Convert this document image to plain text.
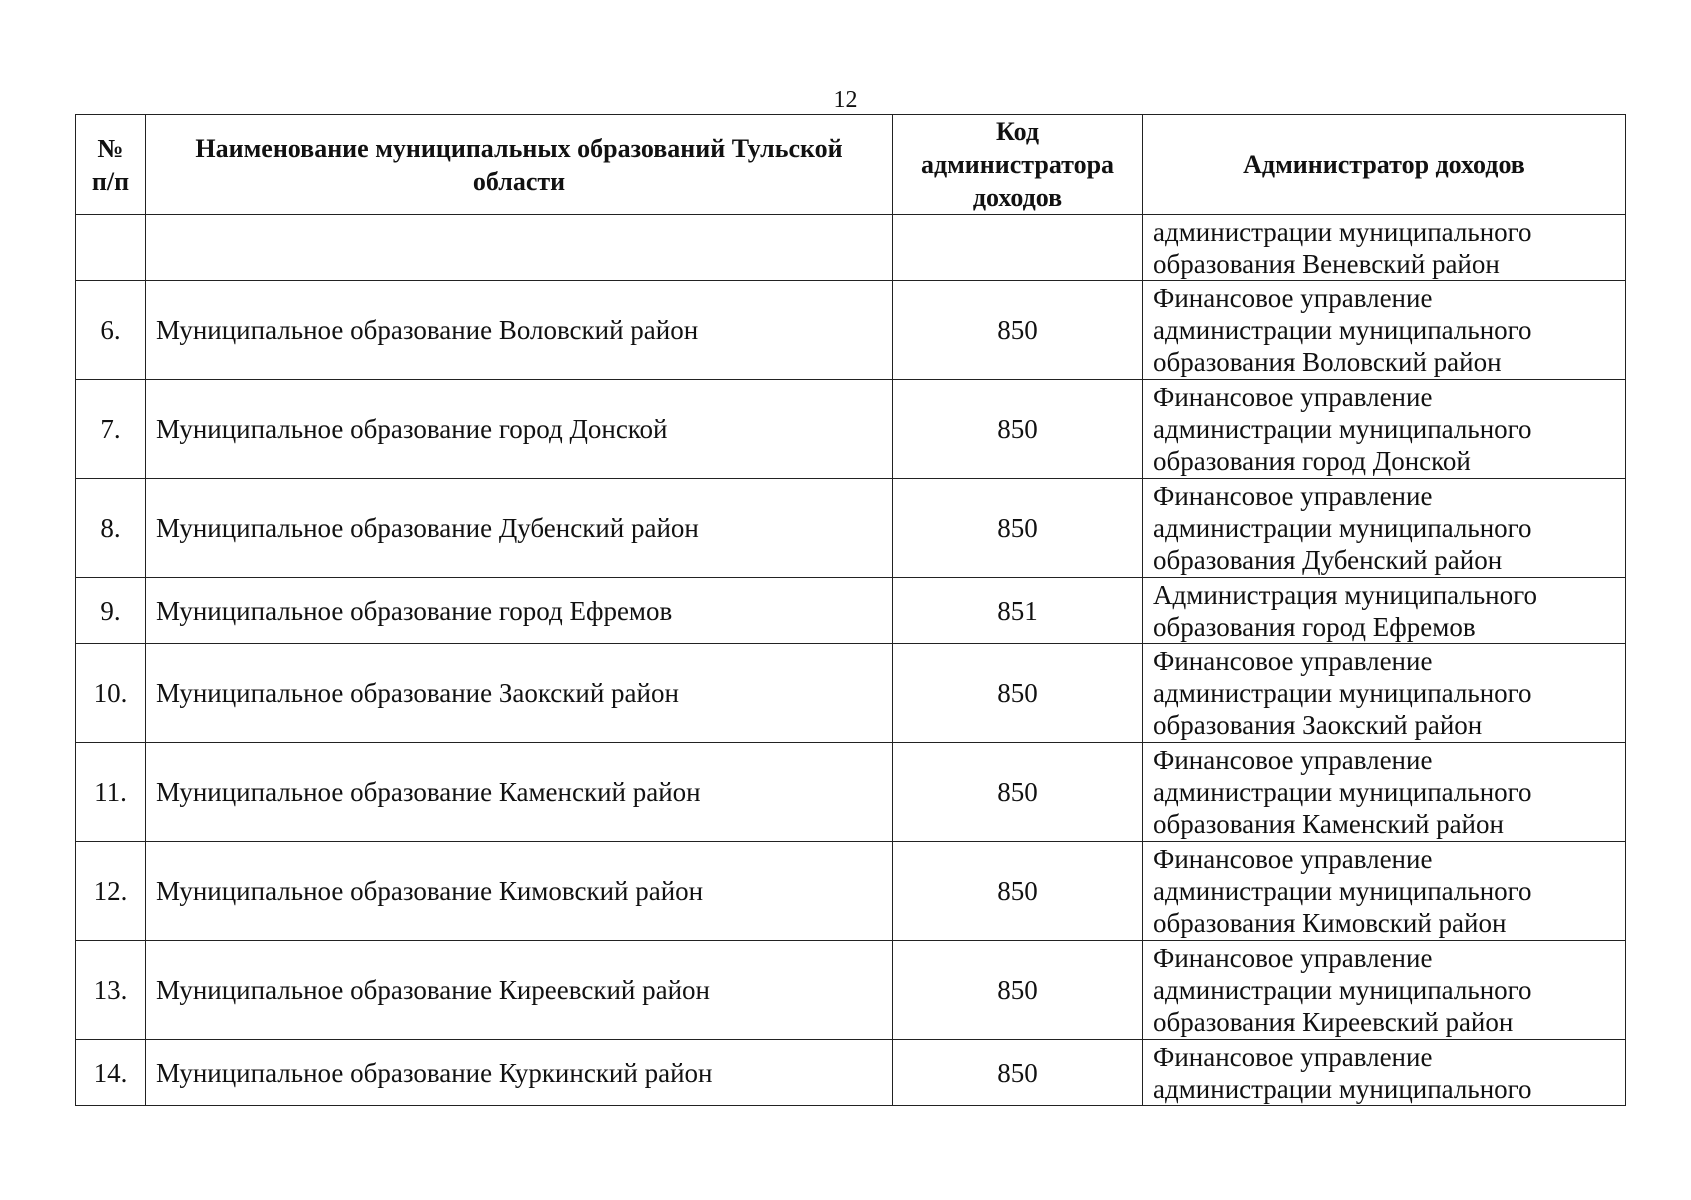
12
№
п/п	Наименование муниципальных образований Тульской области	Код администратора доходов	Администратор доходов
			администрации муниципального образования Веневский район
6.	Муниципальное образование Воловский район	850	Финансовое управление администрации муниципального образования Воловский район
7.	Муниципальное образование город Донской	850	Финансовое управление администрации муниципального образования город Донской
8.	Муниципальное образование Дубенский район	850	Финансовое управление администрации муниципального образования Дубенский район
9.	Муниципальное образование город Ефремов	851	Администрация муниципального образования город Ефремов
10.	Муниципальное образование Заокский район	850	Финансовое управление администрации муниципального образования Заокский район
11.	Муниципальное образование Каменский район	850	Финансовое управление администрации муниципального образования Каменский район
12.	Муниципальное образование Кимовский район	850	Финансовое управление администрации муниципального образования Кимовский район
13.	Муниципальное образование Киреевский район	850	Финансовое управление администрации муниципального образования Киреевский район
14.	Муниципальное образование Куркинский район	850	Финансовое управление администрации муниципального
